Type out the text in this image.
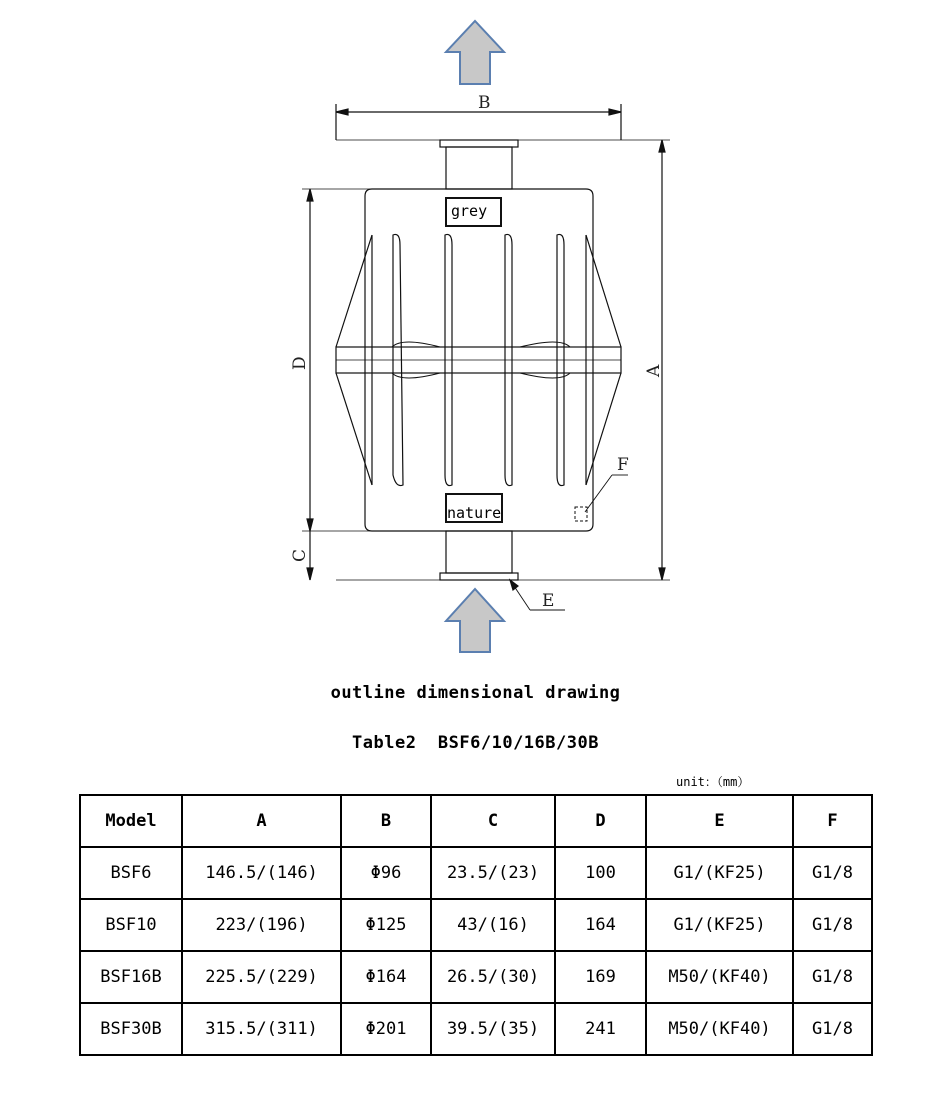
B
A
D
C
F
E
grey
nature
outline dimensional drawing
Table2  BSF6/10/16B/30B
unit：（mm）
Model	A	B	C	D	E	F
BSF6	146.5/(146)	Φ96	23.5/(23)	100	G1/(KF25)	G1/8
BSF10	223/(196)	Φ125	43/(16)	164	G1/(KF25)	G1/8
BSF16B	225.5/(229)	Φ164	26.5/(30)	169	M50/(KF40)	G1/8
BSF30B	315.5/(311)	Φ201	39.5/(35)	241	M50/(KF40)	G1/8
